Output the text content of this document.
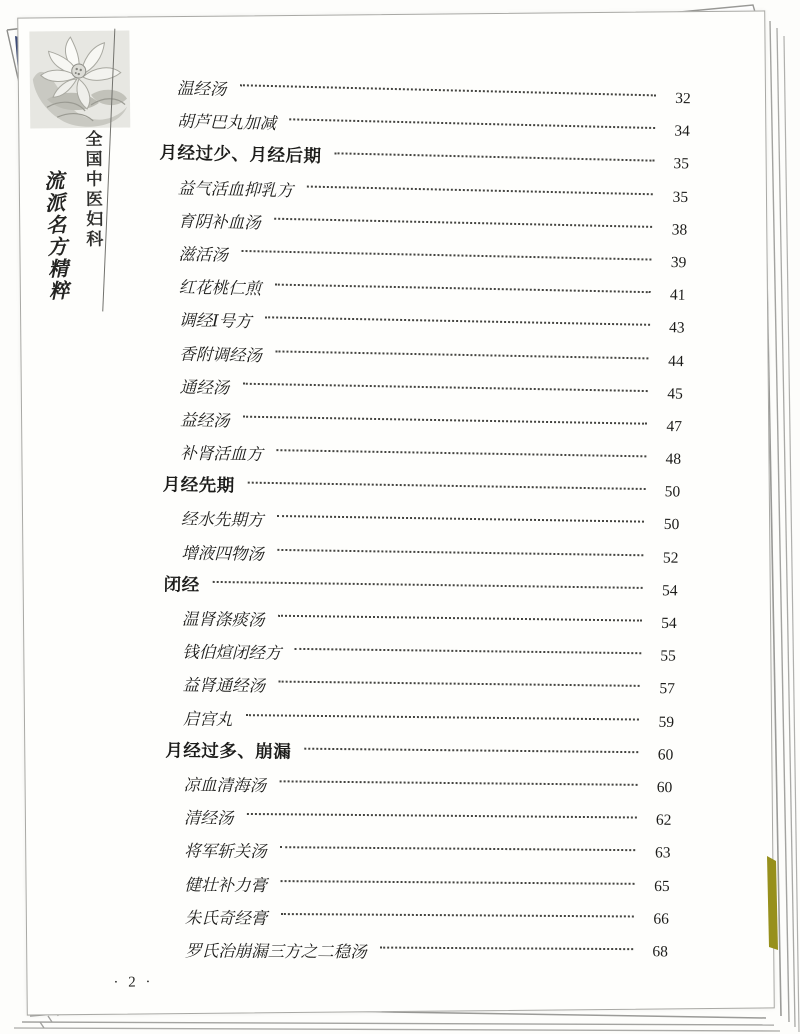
全国中医妇科
流派名方精粹
温经汤	32
胡芦巴丸加减	34
月经过少、月经后期	35
益气活血抑乳方	35
育阴补血汤	38
滋活汤	39
红花桃仁煎	41
调经Ⅰ号方	43
香附调经汤	44
通经汤	45
益经汤	47
补肾活血方	48
月经先期	50
经水先期方	50
增液四物汤	52
闭经	54
温肾涤痰汤	54
钱伯煊闭经方	55
益肾通经汤	57
启宫丸	59
月经过多、崩漏	60
凉血清海汤	60
清经汤	62
将军斩关汤	63
健壮补力膏	65
朱氏奇经膏	66
罗氏治崩漏三方之二稳汤	68
· 2 ·
